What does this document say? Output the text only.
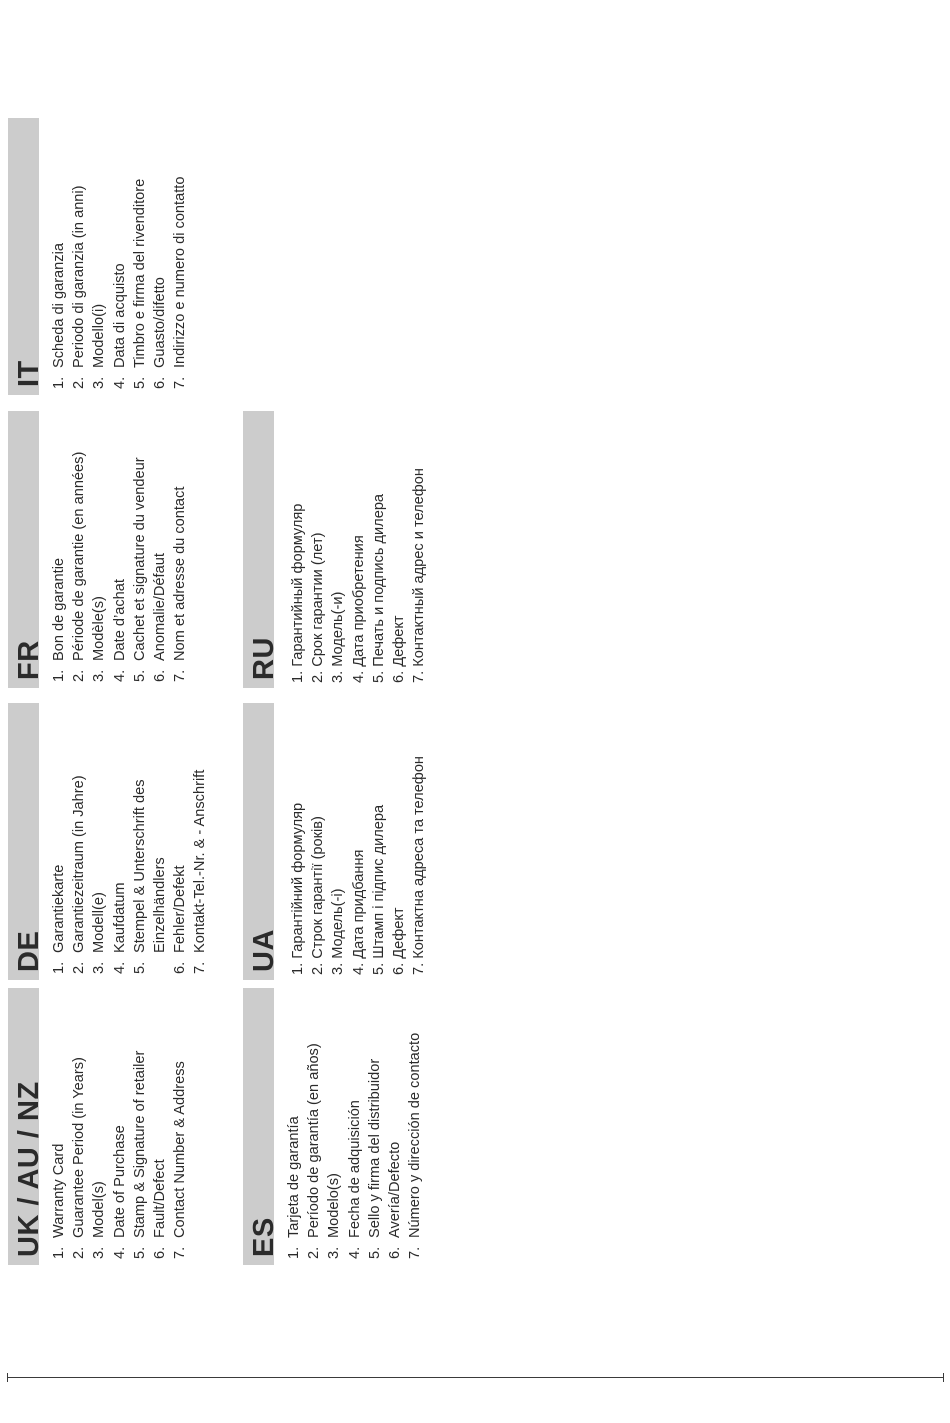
UK / AU / NZ 1.Warranty Card
2.Guarantee Period (in Years)
3.Model(s)
4.Date of Purchase
5.Stamp & Signature of retailer
6.Fault/Defect
7.Contact Number & Address
DE 1.Garantiekarte
2.Garantiezeitraum (in Jahre)
3.Modell(e)
4.Kaufdatum
5.Stempel & Unterschrift des Einzelhändlers
6.Fehler/Defekt
7.Kontakt-Tel.-Nr. & - Anschrift
FR 1.Bon de garantie
2.Période de garantie (en années)
3.Modèle(s)
4.Date d’achat
5.Cachet et signature du vendeur
6.Anomalie/Défaut
7.Nom et adresse du contact
IT 1.Scheda di garanzia
2.Periodo di garanzia (in anni)
3.Modello(i)
4.Data di acquisto
5.Timbro e firma del rivenditore
6.Guasto/difetto
7.Indirizzo e numero di contatto
ES 1.Tarjeta de garantía
2.Período de garantía (en años)
3.Modelo(s)
4.Fecha de adquisición
5.Sello y firma del distribuidor
6.Avería/Defecto
7.Número y dirección de contacto
UA 1. Гарантійний формуляр 2. Строк гарантії (років) 3. Модель(-і) 4. Дата придбання 5. Штамп і підпис дилера 6. Дефект 7. Контактна адреса та телефон
RU 1. Гарантийный формуляр 2. Срок гарантии (лет) 3. Модель(-и) 4. Дата приобретения 5. Печать и подпись дилера 6. Дефект 7. Контактный адрес и телефон
